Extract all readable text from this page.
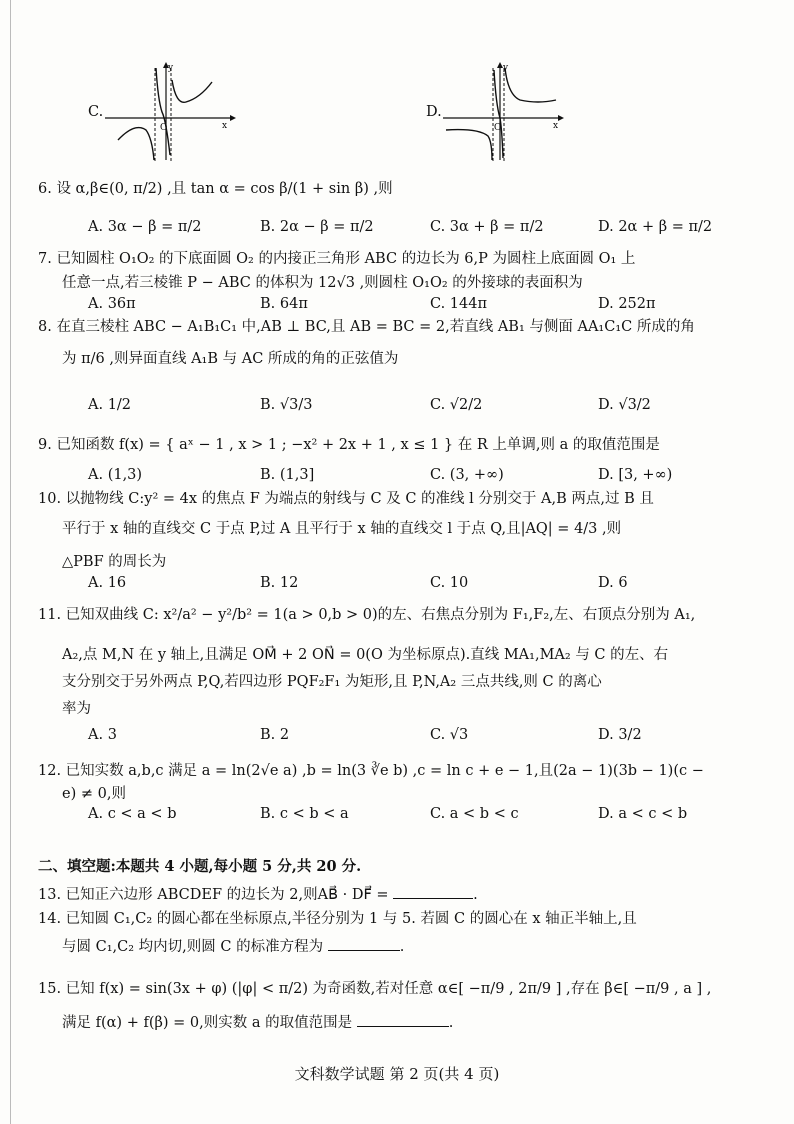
C.
O
y
x
D.
O
y
x
6. 设 α,β∈(0, π/2) ,且 tan α = cos β/(1 + sin β) ,则
A. 3α − β = π/2	B. 2α − β = π/2	C. 3α + β = π/2	D. 2α + β = π/2
7. 已知圆柱 O₁O₂ 的下底面圆 O₂ 的内接正三角形 ABC 的边长为 6,P 为圆柱上底面圆 O₁ 上
任意一点,若三棱锥 P − ABC 的体积为 12√3 ,则圆柱 O₁O₂ 的外接球的表面积为
A. 36π	B. 64π	C. 144π	D. 252π
8. 在直三棱柱 ABC − A₁B₁C₁ 中,AB ⊥ BC,且 AB = BC = 2,若直线 AB₁ 与侧面 AA₁C₁C 所成的角
为 π/6 ,则异面直线 A₁B 与 AC 所成的角的正弦值为
A. 1/2	B. √3/3	C. √2/2	D. √3/2
9. 已知函数 f(x) = { aˣ − 1 , x > 1 ; −x² + 2x + 1 , x ≤ 1 } 在 R 上单调,则 a 的取值范围是
A. (1,3)	B. (1,3]	C. (3, +∞)	D. [3, +∞)
10. 以抛物线 C:y² = 4x 的焦点 F 为端点的射线与 C 及 C 的准线 l 分别交于 A,B 两点,过 B 且
平行于 x 轴的直线交 C 于点 P,过 A 且平行于 x 轴的直线交 l 于点 Q,且|AQ| = 4/3 ,则
△PBF 的周长为
A. 16	B. 12	C. 10	D. 6
11. 已知双曲线 C: x²/a² − y²/b² = 1(a > 0,b > 0)的左、右焦点分别为 F₁,F₂,左、右顶点分别为 A₁,
A₂,点 M,N 在 y 轴上,且满足 OM⃗ + 2 ON⃗ = 0(O 为坐标原点).直线 MA₁,MA₂ 与 C 的左、右
支分别交于另外两点 P,Q,若四边形 PQF₂F₁ 为矩形,且 P,N,A₂ 三点共线,则 C 的离心
率为
A. 3	B. 2	C. √3	D. 3/2
12. 已知实数 a,b,c 满足 a = ln(2√e a) ,b = ln(3 ∛e b) ,c = ln c + e − 1,且(2a − 1)(3b − 1)(c −
e) ≠ 0,则
A. c < a < b	B. c < b < a	C. a < b < c	D. a < c < b
二、填空题:本题共 4 小题,每小题 5 分,共 20 分.
13. 已知正六边形 ABCDEF 的边长为 2,则AB⃗ · DF⃗ =	.
14. 已知圆 C₁,C₂ 的圆心都在坐标原点,半径分别为 1 与 5. 若圆 C 的圆心在 x 轴正半轴上,且
与圆 C₁,C₂ 均内切,则圆 C 的标准方程为	.
15. 已知 f(x) = sin(3x + φ) (|φ| < π/2) 为奇函数,若对任意 α∈[ −π/9 , 2π/9 ] ,存在 β∈[ −π/9 , a ] ,
满足 f(α) + f(β) = 0,则实数 a 的取值范围是	.
文科数学试题 第 2 页(共 4 页)
